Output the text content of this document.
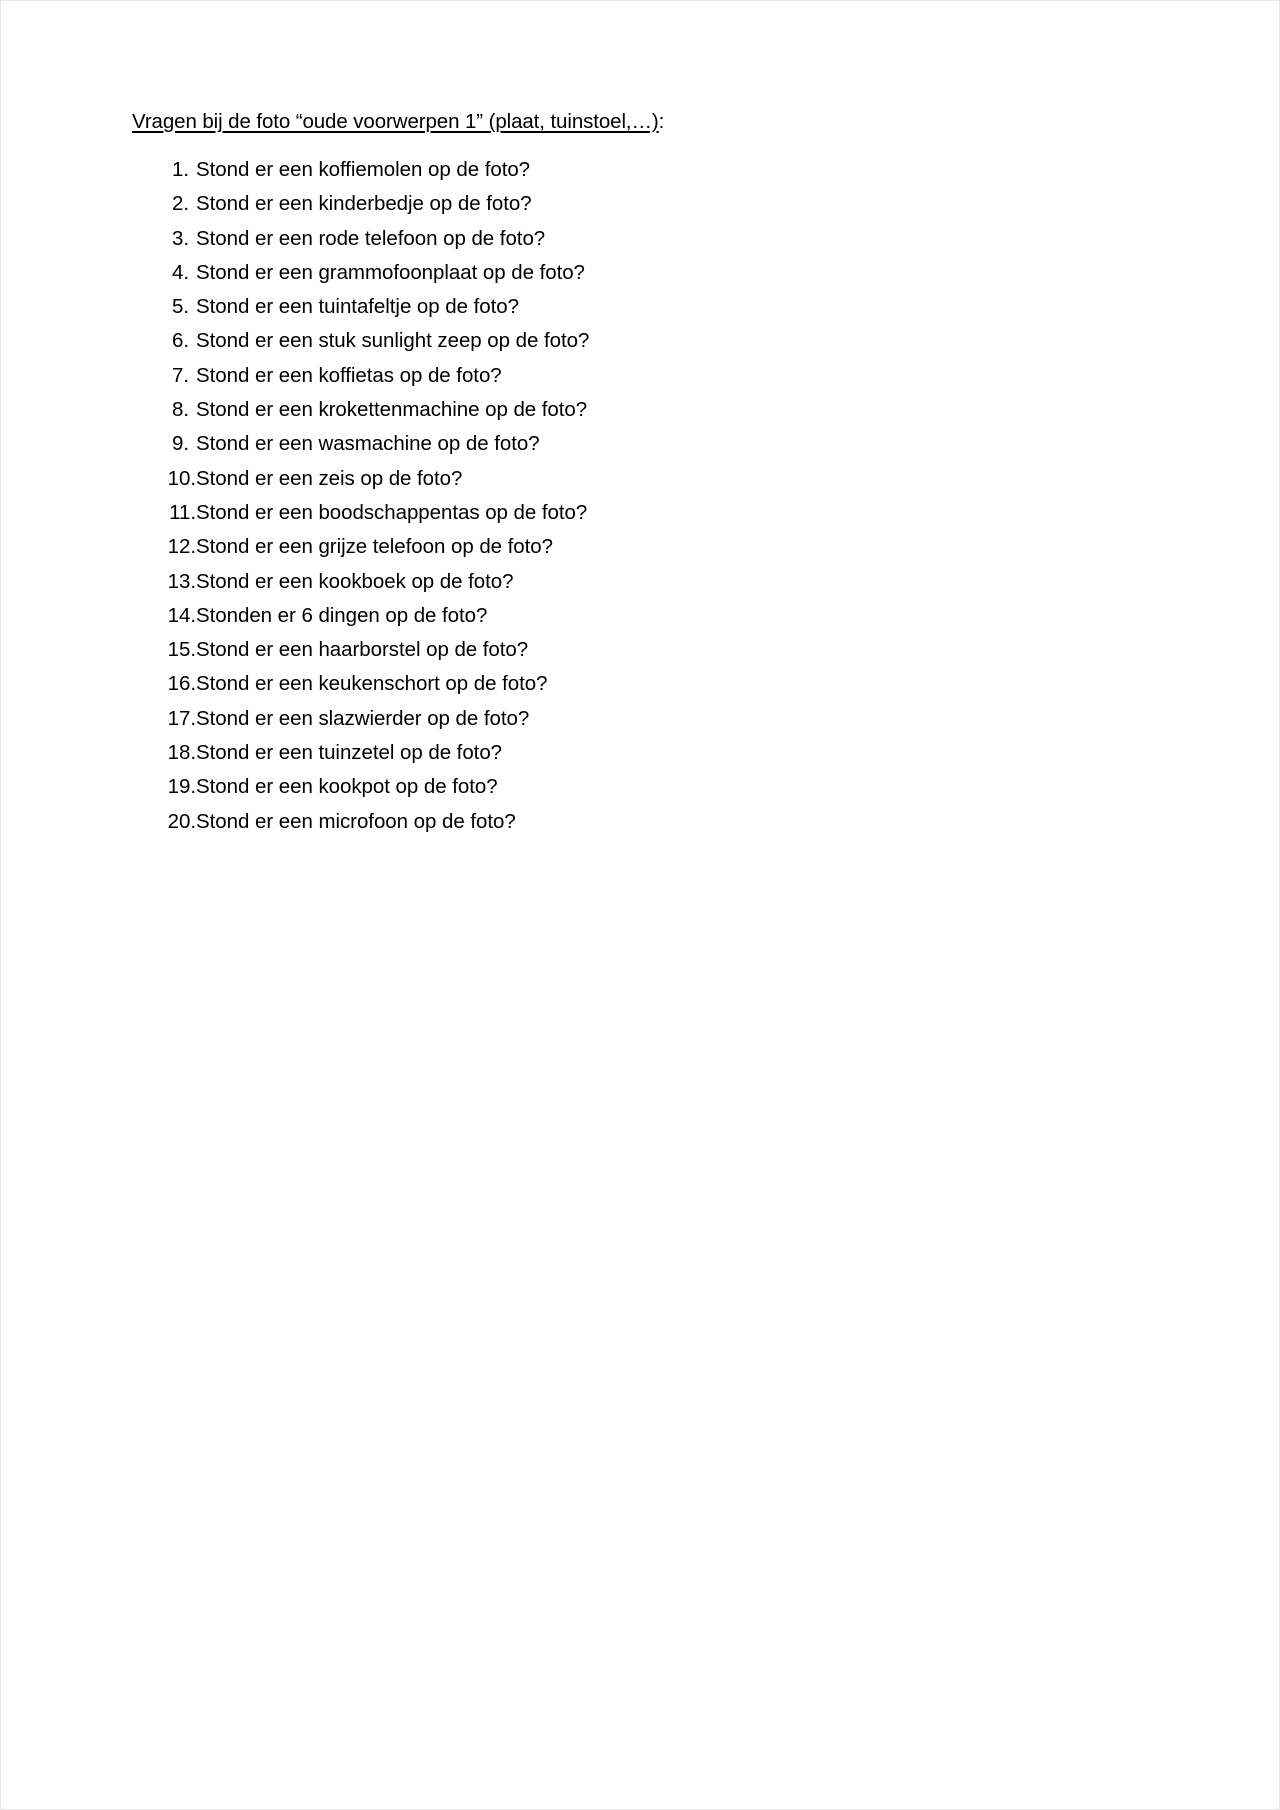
Vragen bij de foto “oude voorwerpen 1” (plaat, tuinstoel,…):
1. Stond er een koffiemolen op de foto?
2. Stond er een kinderbedje op de foto?
3. Stond er een rode telefoon op de foto?
4. Stond er een grammofoonplaat op de foto?
5. Stond er een tuintafeltje op de foto?
6. Stond er een stuk sunlight zeep op de foto?
7. Stond er een koffietas op de foto?
8. Stond er een krokettenmachine op de foto?
9. Stond er een wasmachine op de foto?
10. Stond er een zeis op de foto?
11. Stond er een boodschappentas op de foto?
12. Stond er een grijze telefoon op de foto?
13. Stond er een kookboek op de foto?
14. Stonden er 6 dingen op de foto?
15. Stond er een haarborstel op de foto?
16. Stond er een keukenschort op de foto?
17. Stond er een slazwierder op de foto?
18. Stond er een tuinzetel op de foto?
19. Stond er een kookpot op de foto?
20. Stond er een microfoon op de foto?
